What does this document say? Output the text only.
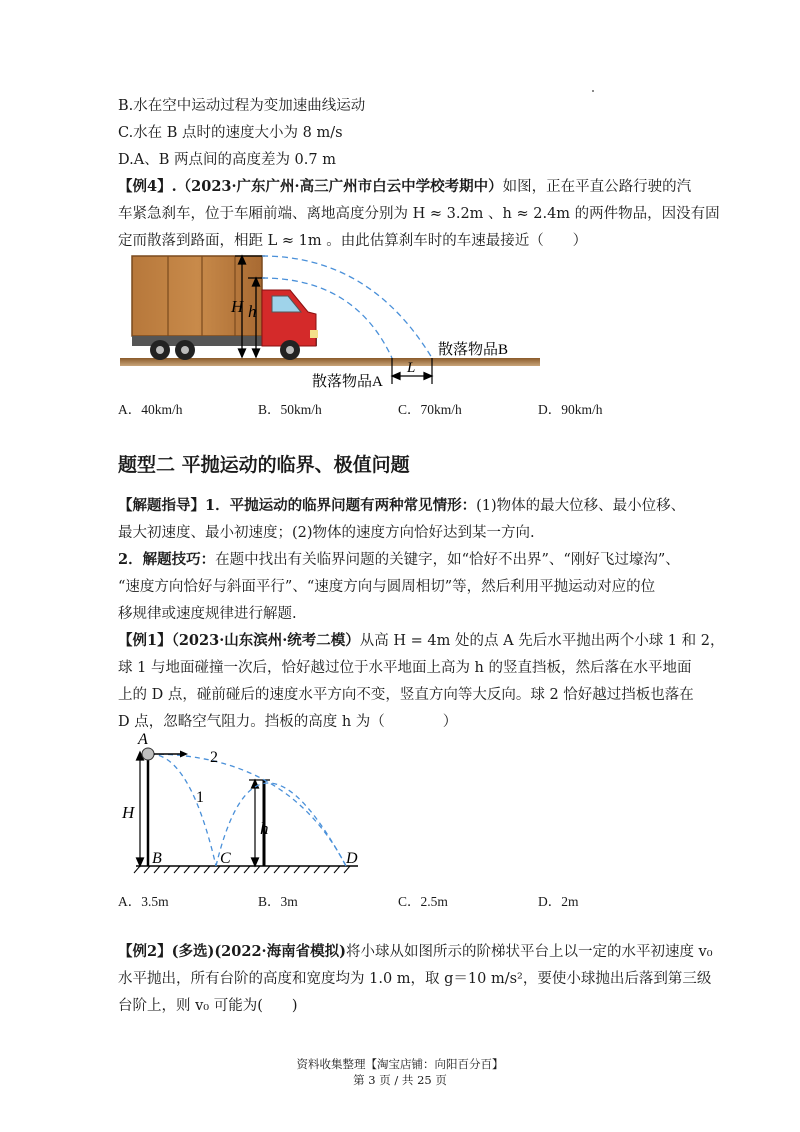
B.水在空中运动过程为变加速曲线运动
C.水在 B 点时的速度大小为 8 m/s
D.A、B 两点间的高度差为 0.7 m
【例4】.（2023·广东广州·高三广州市白云中学校考期中）如图，正在平直公路行驶的汽
车紧急刹车，位于车厢前端、离地高度分别为 H ≈ 3.2m 、h ≈ 2.4m 的两件物品，因没有固
定而散落到路面，相距 L ≈ 1m 。由此估算刹车时的车速最接近（　　）
H h
L
散落物品A
散落物品B
A．40km/h	B．50km/h	C．70km/h	D．90km/h
题型二 平抛运动的临界、极值问题
【解题指导】1．平抛运动的临界问题有两种常见情形：(1)物体的最大位移、最小位移、
最大初速度、最小初速度；(2)物体的速度方向恰好达到某一方向.
2．解题技巧：在题中找出有关临界问题的关键字，如“恰好不出界”、“刚好飞过壕沟”、
“速度方向恰好与斜面平行”、“速度方向与圆周相切”等，然后利用平抛运动对应的位
移规律或速度规律进行解题.
【例1】（2023·山东滨州·统考二模）从高 H = 4m 处的点 A 先后水平抛出两个小球 1 和 2，
球 1 与地面碰撞一次后，恰好越过位于水平地面上高为 h 的竖直挡板，然后落在水平地面
上的 D 点，碰前碰后的速度水平方向不变，竖直方向等大反向。球 2 恰好越过挡板也落在
D 点，忽略空气阻力。挡板的高度 h 为（　　　　）
A
B	C	D
H
h
1
2
A．3.5m	B．3m	C．2.5m	D．2m
【例2】(多选)(2022·海南省模拟)将小球从如图所示的阶梯状平台上以一定的水平初速度 v₀
水平抛出，所有台阶的高度和宽度均为 1.0 m，取 g＝10 m/s²，要使小球抛出后落到第三级
台阶上，则 v₀ 可能为(　　)
资料收集整理【淘宝店铺：向阳百分百】
第 3 页 / 共 25 页
